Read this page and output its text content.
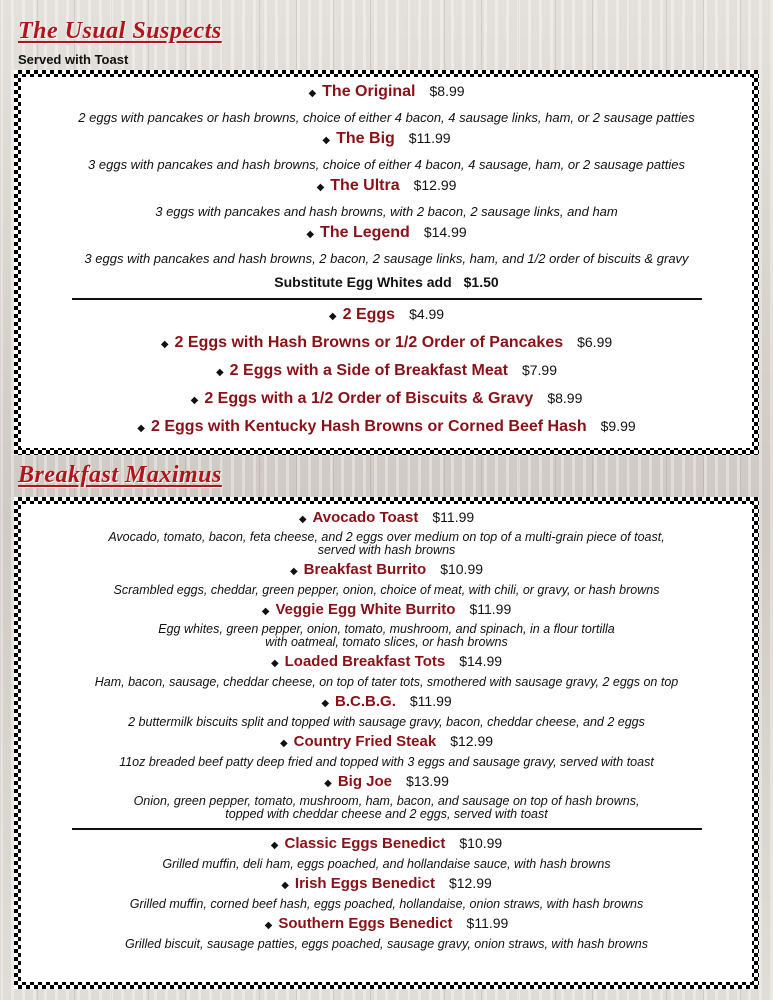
The Usual Suspects
Served with Toast
◆ The Original $8.99
2 eggs with pancakes or hash browns, choice of either 4 bacon, 4 sausage links, ham, or 2 sausage patties
◆ The Big $11.99
3 eggs with pancakes and hash browns, choice of either 4 bacon, 4 sausage, ham, or 2 sausage patties
◆ The Ultra $12.99
3 eggs with pancakes and hash browns, with 2 bacon, 2 sausage links, and ham
◆ The Legend $14.99
3 eggs with pancakes and hash browns, 2 bacon, 2 sausage links, ham, and 1/2 order of biscuits & gravy
Substitute Egg Whites add $1.50
◆ 2 Eggs $4.99
◆ 2 Eggs with Hash Browns or 1/2 Order of Pancakes $6.99
◆ 2 Eggs with a Side of Breakfast Meat $7.99
◆ 2 Eggs with a 1/2 Order of Biscuits & Gravy $8.99
◆ 2 Eggs with Kentucky Hash Browns or Corned Beef Hash $9.99
Breakfast Maximus
◆ Avocado Toast $11.99
Avocado, tomato, bacon, feta cheese, and 2 eggs over medium on top of a multi-grain piece of toast,
served with hash browns
◆ Breakfast Burrito $10.99
Scrambled eggs, cheddar, green pepper, onion, choice of meat, with chili, or gravy, or hash browns
◆ Veggie Egg White Burrito $11.99
Egg whites, green pepper, onion, tomato, mushroom, and spinach, in a flour tortilla
with oatmeal, tomato slices, or hash browns
◆ Loaded Breakfast Tots $14.99
Ham, bacon, sausage, cheddar cheese, on top of tater tots, smothered with sausage gravy, 2 eggs on top
◆ B.C.B.G. $11.99
2 buttermilk biscuits split and topped with sausage gravy, bacon, cheddar cheese, and 2 eggs
◆ Country Fried Steak $12.99
11oz breaded beef patty deep fried and topped with 3 eggs and sausage gravy, served with toast
◆ Big Joe $13.99
Onion, green pepper, tomato, mushroom, ham, bacon, and sausage on top of hash browns,
topped with cheddar cheese and 2 eggs, served with toast
◆ Classic Eggs Benedict $10.99
Grilled muffin, deli ham, eggs poached, and hollandaise sauce, with hash browns
◆ Irish Eggs Benedict $12.99
Grilled muffin, corned beef hash, eggs poached, hollandaise, onion straws, with hash browns
◆ Southern Eggs Benedict $11.99
Grilled biscuit, sausage patties, eggs poached, sausage gravy, onion straws, with hash browns
